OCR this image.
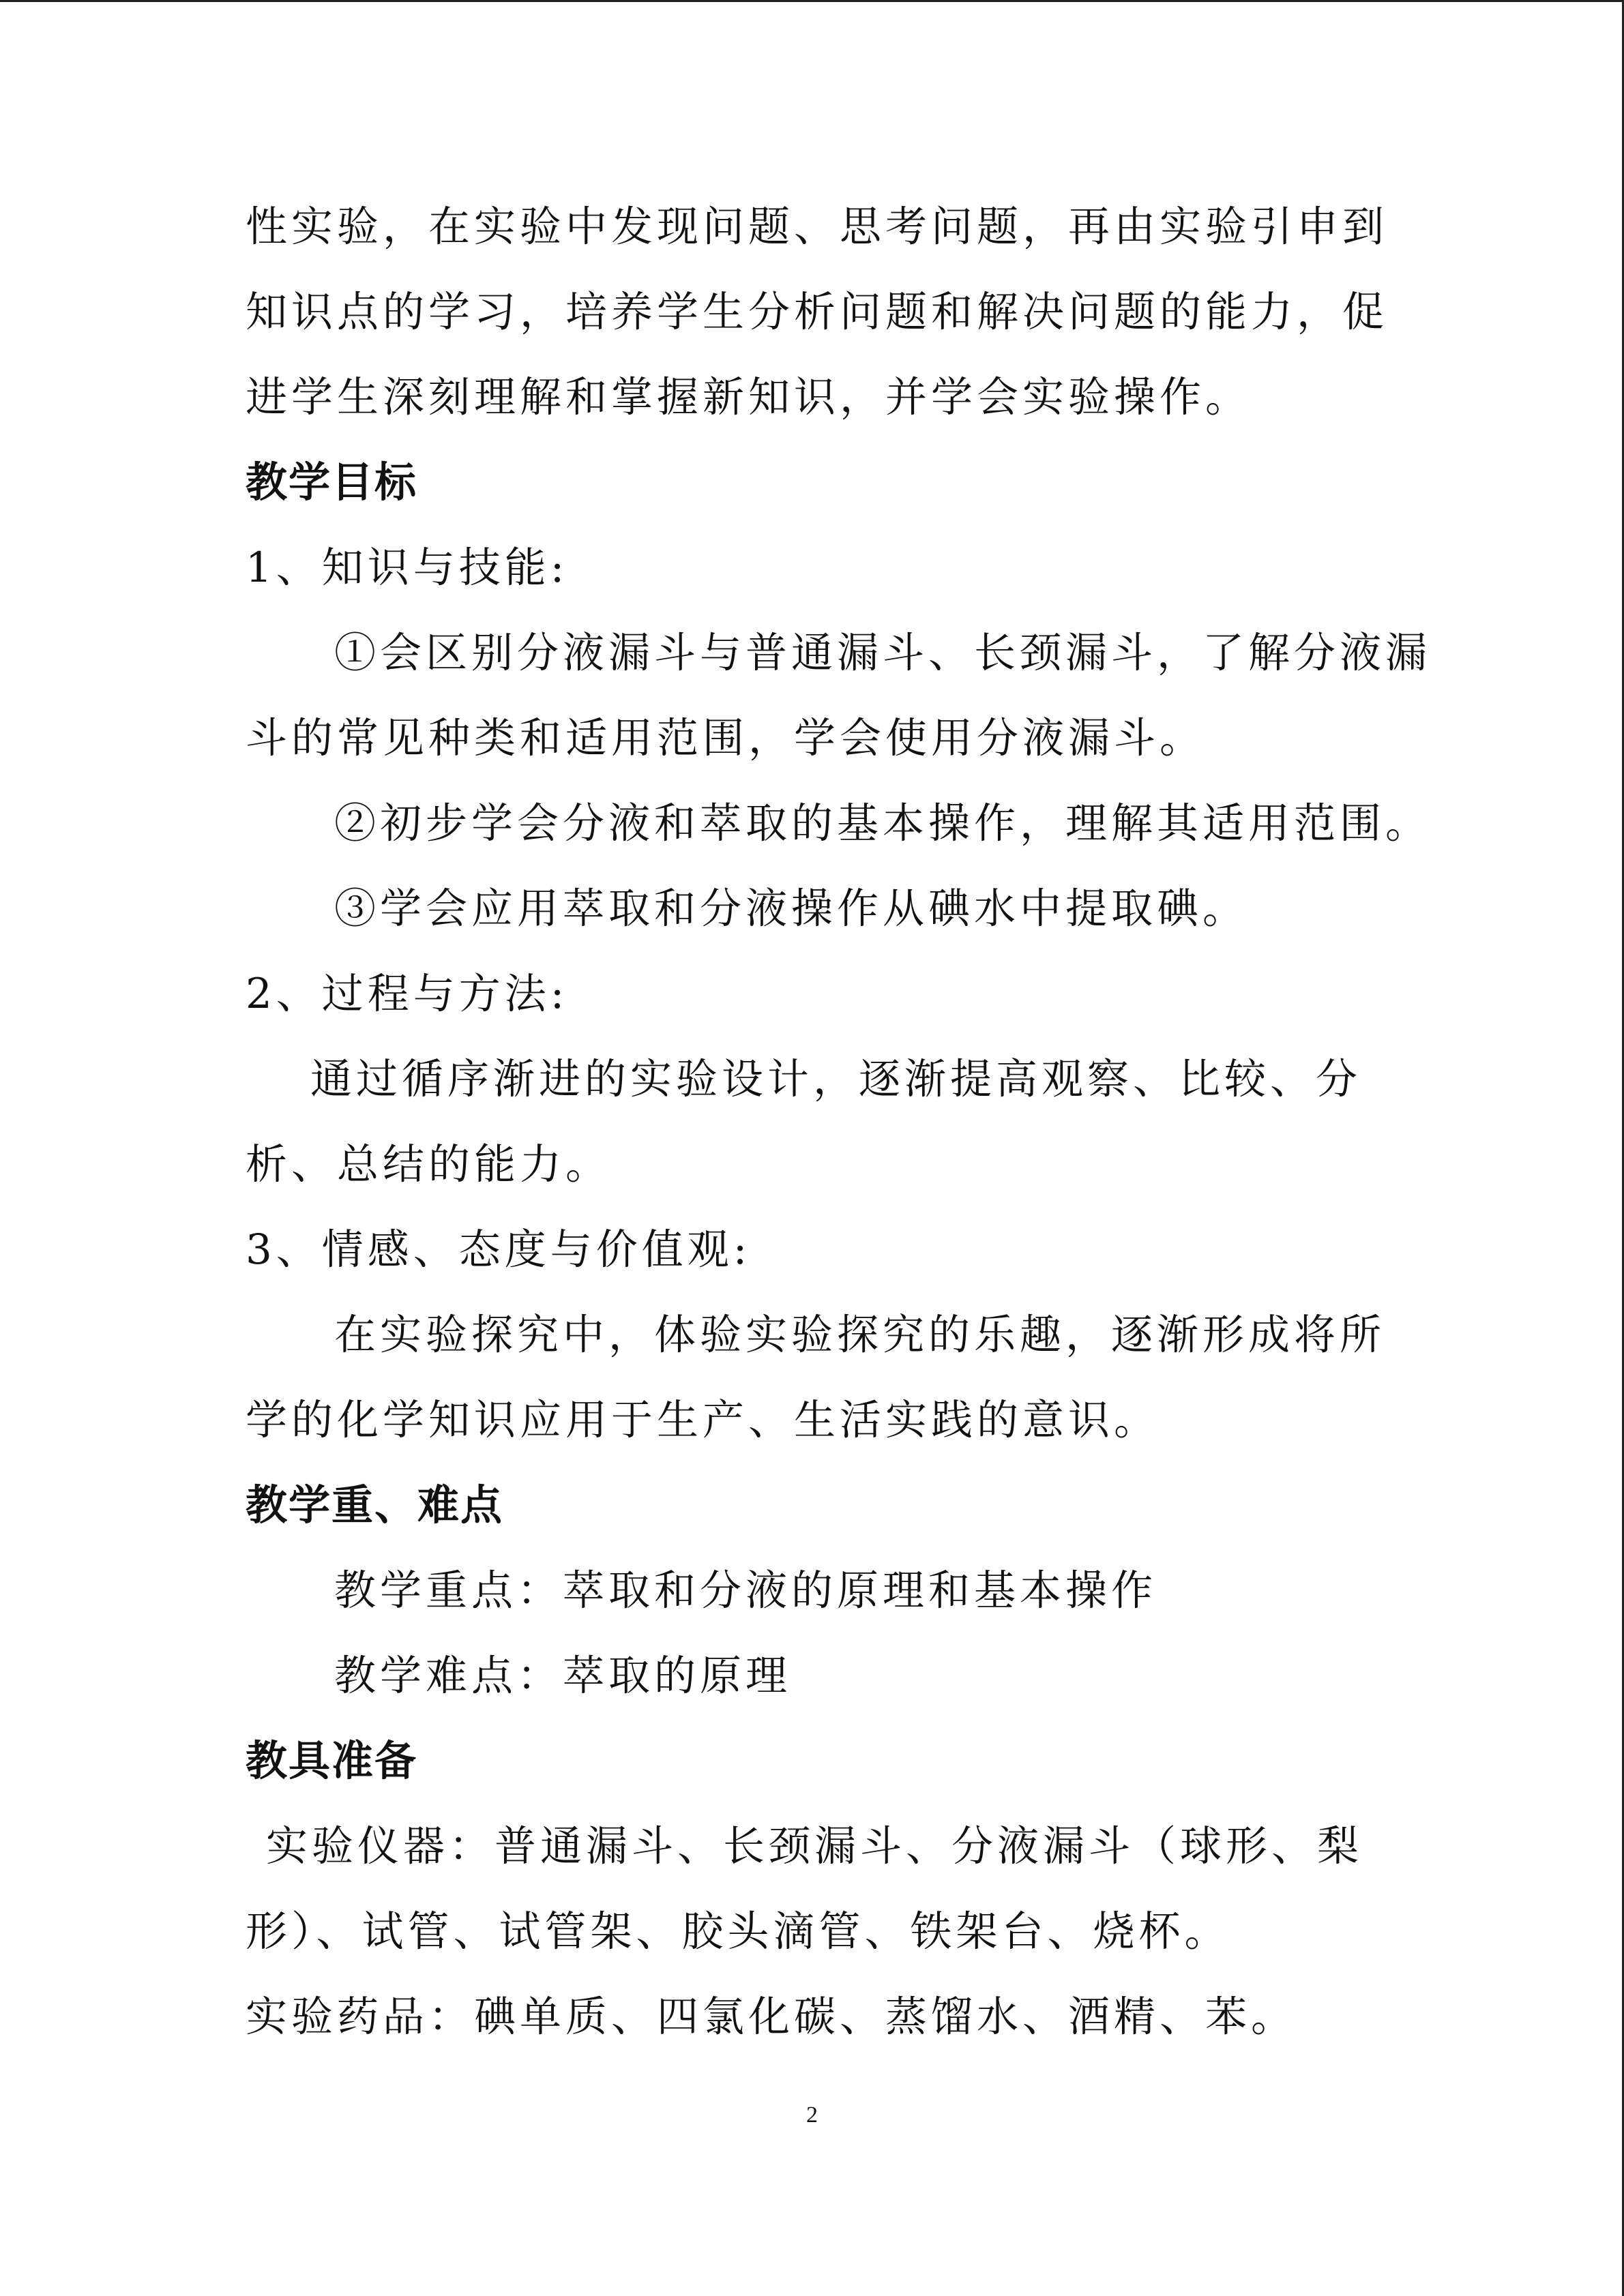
性实验，在实验中发现问题、思考问题，再由实验引申到
知识点的学习，培养学生分析问题和解决问题的能力，促
进学生深刻理解和掌握新知识，并学会实验操作。
教学目标
1、知识与技能:
①会区别分液漏斗与普通漏斗、长颈漏斗，了解分液漏
斗的常见种类和适用范围，学会使用分液漏斗。
②初步学会分液和萃取的基本操作，理解其适用范围。
③学会应用萃取和分液操作从碘水中提取碘。
2、过程与方法:
通过循序渐进的实验设计，逐渐提高观察、比较、分
析、总结的能力。
3、情感、态度与价值观:
在实验探究中，体验实验探究的乐趣，逐渐形成将所
学的化学知识应用于生产、生活实践的意识。
教学重、难点
教学重点：萃取和分液的原理和基本操作
教学难点：萃取的原理
教具准备
实验仪器：普通漏斗、长颈漏斗、分液漏斗（球形、梨
形）、试管、试管架、胶头滴管、铁架台、烧杯。
实验药品：碘单质、四氯化碳、蒸馏水、酒精、苯。
2
